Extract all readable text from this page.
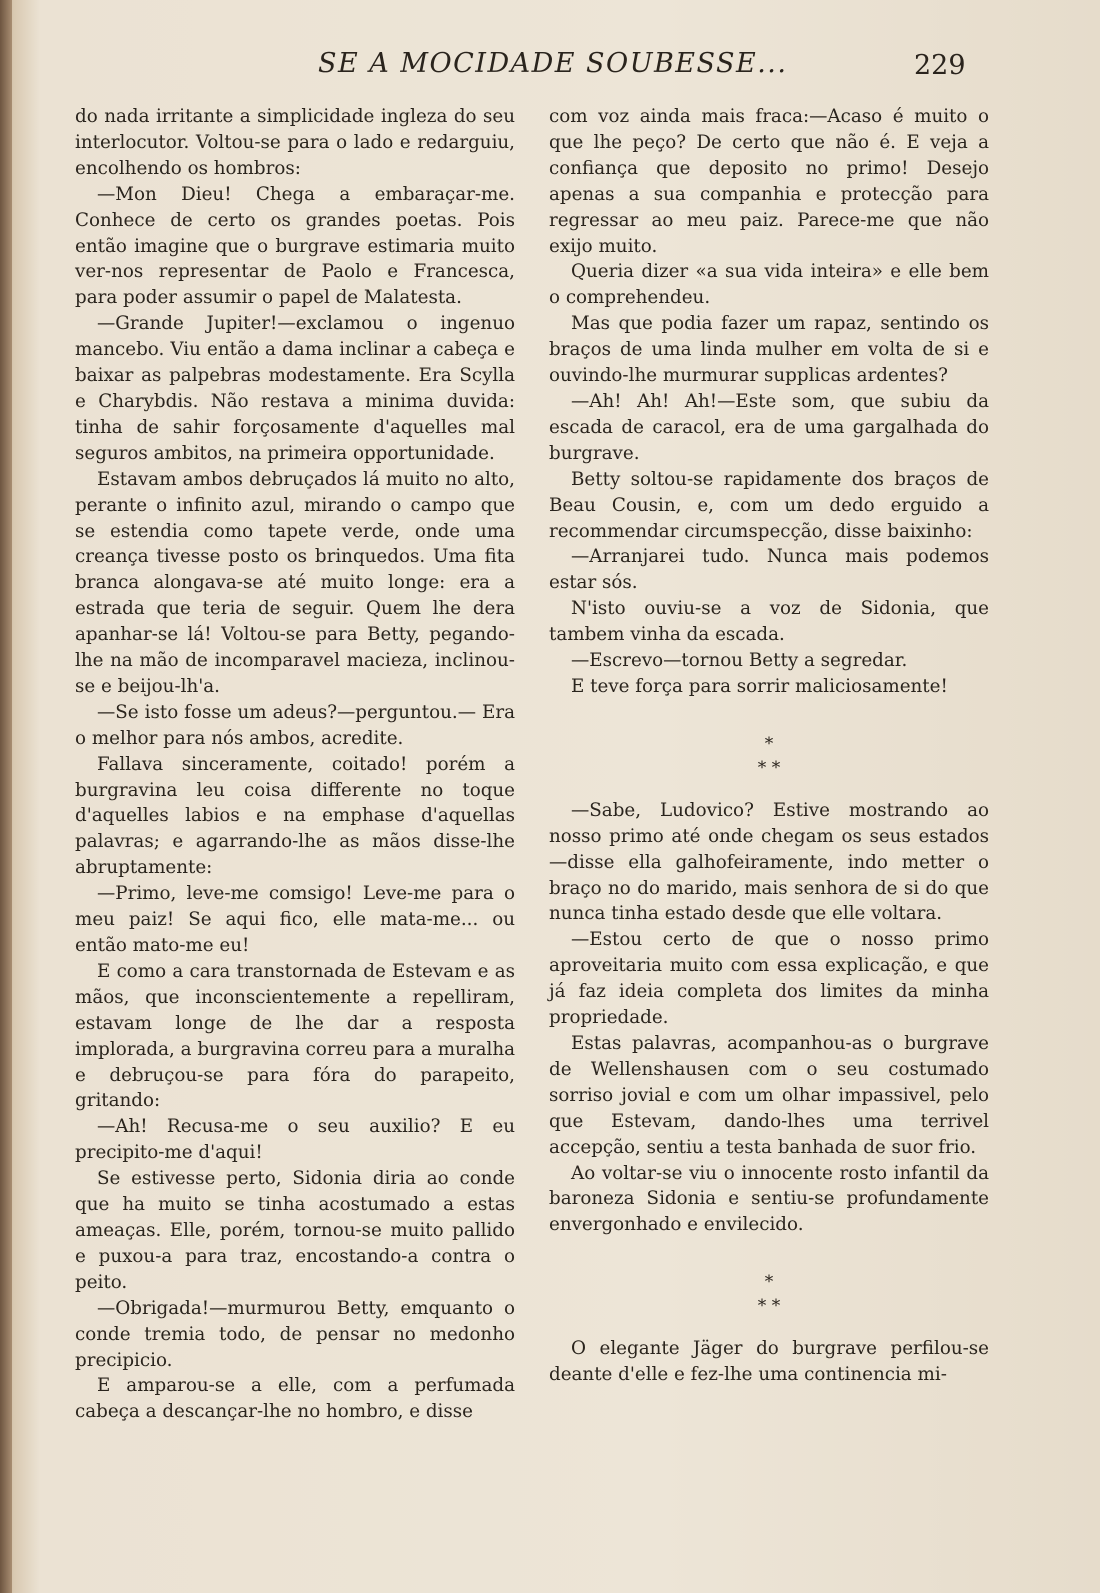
SE A MOCIDADE SOUBESSE...	229

do nada irritante a simplicidade ingleza do seu interlocutor. Voltou-se para o lado e redarguiu, encolhendo os hombros:

—Mon Dieu! Chega a embaraçar-me. Conhece de certo os grandes poetas. Pois então imagine que o burgrave estimaria muito ver-nos representar de Paolo e Francesca, para poder assumir o papel de Malatesta.

—Grande Jupiter!—exclamou o ingenuo mancebo. Viu então a dama inclinar a cabeça e baixar as palpebras modestamente. Era Scylla e Charybdis. Não restava a minima duvida: tinha de sahir forçosamente d'aquelles mal seguros ambitos, na primeira opportunidade.

Estavam ambos debruçados lá muito no alto, perante o infinito azul, mirando o campo que se estendia como tapete verde, onde uma creança tivesse posto os brinquedos. Uma fita branca alongava-se até muito longe: era a estrada que teria de seguir. Quem lhe dera apanhar-se lá! Voltou-se para Betty, pegando-lhe na mão de incomparavel macieza, inclinou-se e beijou-lh'a.

—Se isto fosse um adeus?—perguntou.— Era o melhor para nós ambos, acredite.

Fallava sinceramente, coitado! porém a burgravina leu coisa differente no toque d'aquelles labios e na emphase d'aquellas palavras; e agarrando-lhe as mãos disse-lhe abruptamente:

—Primo, leve-me comsigo! Leve-me para o meu paiz! Se aqui fico, elle mata-me... ou então mato-me eu!

E como a cara transtornada de Estevam e as mãos, que inconscientemente a repelliram, estavam longe de lhe dar a resposta implorada, a burgravina correu para a muralha e debruçou-se para fóra do parapeito, gritando:

—Ah! Recusa-me o seu auxilio? E eu precipito-me d'aqui!

Se estivesse perto, Sidonia diria ao conde que ha muito se tinha acostumado a estas ameaças. Elle, porém, tornou-se muito pallido e puxou-a para traz, encostando-a contra o peito.

—Obrigada!—murmurou Betty, emquanto o conde tremia todo, de pensar no medonho precipicio.

E amparou-se a elle, com a perfumada cabeça a descançar-lhe no hombro, e disse

com voz ainda mais fraca:—Acaso é muito o que lhe peço? De certo que não é. E veja a confiança que deposito no primo! Desejo apenas a sua companhia e protecção para regressar ao meu paiz. Parece-me que não exijo muito.

Queria dizer «a sua vida inteira» e elle bem o comprehendeu.

Mas que podia fazer um rapaz, sentindo os braços de uma linda mulher em volta de si e ouvindo-lhe murmurar supplicas ardentes?

—Ah! Ah! Ah!—Este som, que subiu da escada de caracol, era de uma gargalhada do burgrave.

Betty soltou-se rapidamente dos braços de Beau Cousin, e, com um dedo erguido a recommendar circumspecção, disse baixinho:

—Arranjarei tudo. Nunca mais podemos estar sós.

N'isto ouviu-se a voz de Sidonia, que tambem vinha da escada.

—Escrevo—tornou Betty a segredar.

E teve força para sorrir maliciosamente!

*
* *

—Sabe, Ludovico? Estive mostrando ao nosso primo até onde chegam os seus estados—disse ella galhofeiramente, indo metter o braço no do marido, mais senhora de si do que nunca tinha estado desde que elle voltara.

—Estou certo de que o nosso primo aproveitaria muito com essa explicação, e que já faz ideia completa dos limites da minha propriedade.

Estas palavras, acompanhou-as o burgrave de Wellenshausen com o seu costumado sorriso jovial e com um olhar impassivel, pelo que Estevam, dando-lhes uma terrivel accepção, sentiu a testa banhada de suor frio.

Ao voltar-se viu o innocente rosto infantil da baroneza Sidonia e sentiu-se profundamente envergonhado e envilecido.

*
* *

O elegante Jäger do burgrave perfilou-se deante d'elle e fez-lhe uma continencia mi-
